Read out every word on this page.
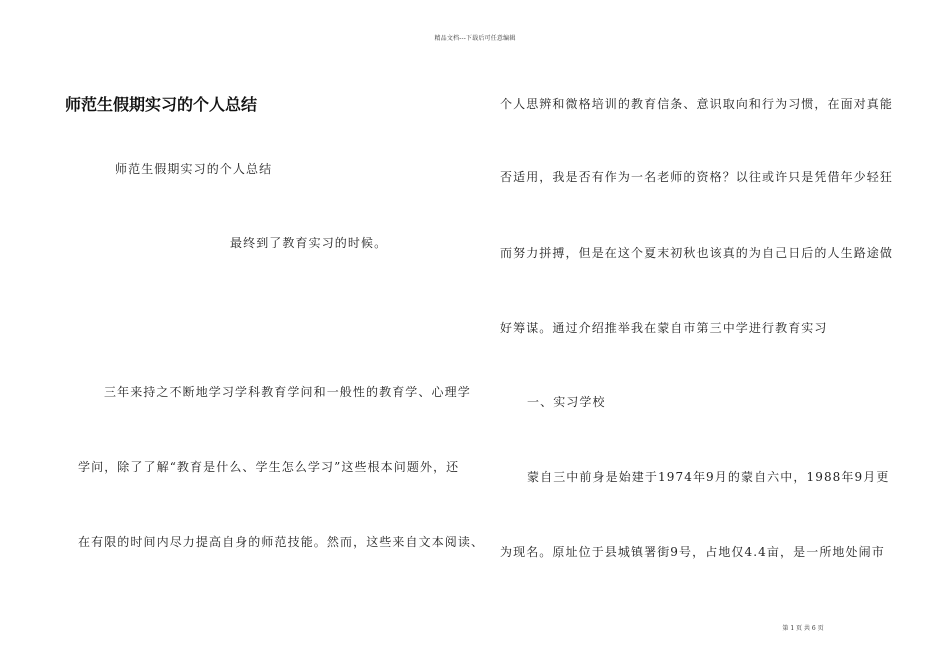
精品文档---下载后可任意编辑
师范生假期实习的个人总结
师范生假期实习的个人总结
最终到了教育实习的时候。
三年来持之不断地学习学科教育学问和一般性的教育学、心理学
学问，除了了解“教育是什么、学生怎么学习”这些根本问题外，还
在有限的时间内尽力提高自身的师范技能。然而，这些来自文本阅读、
个人思辨和微格培训的教育信条、意识取向和行为习惯，在面对真能
否适用，我是否有作为一名老师的资格？以往或许只是凭借年少轻狂
而努力拼搏，但是在这个夏末初秋也该真的为自己日后的人生路途做
好筹谋。通过介绍推举我在蒙自市第三中学进行教育实习
一、实习学校
蒙自三中前身是始建于1974年9月的蒙自六中，1988年9月更
为现名。原址位于县城镇署街9号，占地仅4.4亩，是一所地处闹市
第 1 页 共 6 页
